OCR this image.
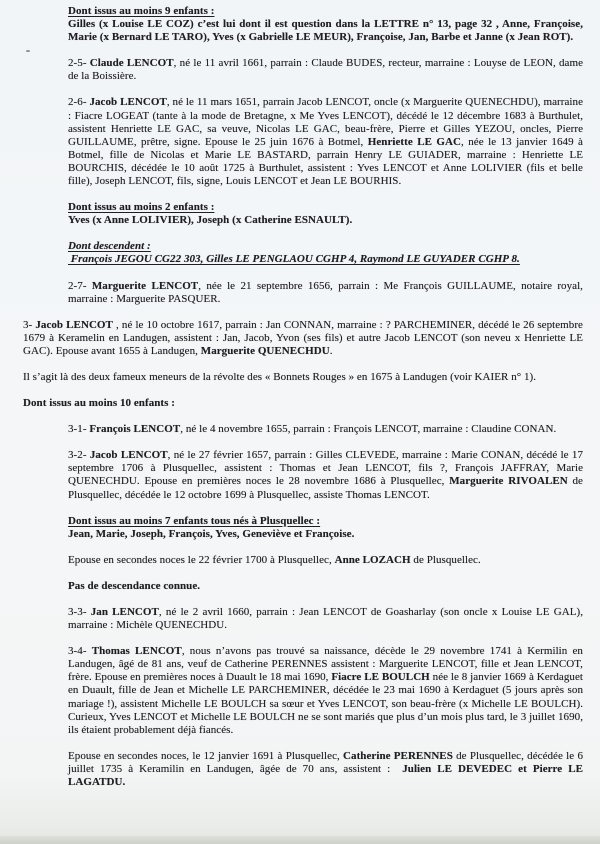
Dont issus au moins 9 enfants :

Gilles (x Louise LE COZ) c’est lui dont il est question dans la LETTRE n° 13, page 32 , Anne, Françoise, Marie (x Bernard LE TARO), Yves (x Gabrielle LE MEUR), Françoise, Jan, Barbe et Janne (x Jean ROT).

2-5- Claude LENCOT, né le 11 avril 1661, parrain : Claude BUDES, recteur, marraine : Louyse de LEON, dame de la Boissière.

2-6- Jacob LENCOT, né le 11 mars 1651, parrain Jacob LENCOT, oncle (x Marguerite QUENECHDU), marraine : Fiacre LOGEAT (tante à la mode de Bretagne, x Me Yves LENCOT), décédé le 12 décembre 1683 à Burthulet, assistent Henriette LE GAC, sa veuve, Nicolas LE GAC, beau-frère, Pierre et Gilles YEZOU, oncles, Pierre GUILLAUME, prêtre, signe. Epouse le 25 juin 1676 à Botmel, Henriette LE GAC, née le 13 janvier 1649 à Botmel, fille de Nicolas et Marie LE BASTARD, parrain Henry LE GUIADER, marraine : Henriette LE BOURCHIS, décédée le 10 août 1725 à Burthulet, assistent : Yves LENCOT et Anne LOLIVIER (fils et belle fille), Joseph LENCOT, fils, signe, Louis LENCOT et Jean LE BOURHIS.

Dont issus au moins 2 enfants :

Yves (x Anne LOLIVIER), Joseph (x Catherine ESNAULT).

Dont descendent :

François JEGOU CG22 303, Gilles LE PENGLAOU CGHP 4, Raymond LE GUYADER CGHP 8.

2-7- Marguerite LENCOT, née le 21 septembre 1656, parrain : Me François GUILLAUME, notaire royal, marraine : Marguerite PASQUER.

3- Jacob LENCOT , né le 10 octobre 1617, parrain : Jan CONNAN, marraine : ? PARCHEMINER, décédé le 26 septembre 1679 à Keramelin en Landugen, assistent : Jan, Jacob, Yvon (ses fils) et autre Jacob LENCOT (son neveu x Henriette LE GAC). Epouse avant 1655 à Landugen, Marguerite QUENECHDU.

Il s’agit là des deux fameux meneurs de la révolte des « Bonnets Rouges » en 1675 à Landugen (voir KAIER n° 1).

Dont issus au moins 10 enfants :

3-1- François LENCOT, né le 4 novembre 1655, parrain : François LENCOT, marraine : Claudine CONAN.

3-2- Jacob LENCOT, né le 27 février 1657, parrain : Gilles CLEVEDE, marraine : Marie CONAN, décédé le 17 septembre 1706 à Plusquellec, assistent : Thomas et Jean LENCOT, fils ?, François JAFFRAY, Marie QUENECHDU. Epouse en premières noces le 28 novembre 1686 à Plusquellec, Marguerite RIVOALEN de Plusquellec, décédée le 12 octobre 1699 à Plusquellec, assiste Thomas LENCOT.

Dont issus au moins 7 enfants tous nés à Plusquellec :

Jean, Marie, Joseph, François, Yves, Geneviève et Françoise.

Epouse en secondes noces le 22 février 1700 à Plusquellec, Anne LOZACH de Plusquellec.

Pas de descendance connue.

3-3- Jan LENCOT, né le 2 avril 1660, parrain : Jean LENCOT de Goasharlay (son oncle x Louise LE GAL), marraine : Michèle QUENECHDU.

3-4- Thomas LENCOT, nous n’avons pas trouvé sa naissance, décède le 29 novembre 1741 à Kermilin en Landugen, âgé de 81 ans, veuf de Catherine PERENNES assistent : Marguerite LENCOT, fille et Jean LENCOT, frère. Epouse en premières noces à Duault le 18 mai 1690, Fiacre LE BOULCH née le 8 janvier 1669 à Kerdaguet en Duault, fille de Jean et Michelle LE PARCHEMINER, décédée le 23 mai 1690 à Kerdaguet (5 jours après son mariage !), assistent Michelle LE BOULCH sa sœur et Yves LENCOT, son beau-frère (x Michelle LE BOULCH). Curieux, Yves LENCOT et Michelle LE BOULCH ne se sont mariés que plus d’un mois plus tard, le 3 juillet 1690, ils étaient probablement déjà fiancés.

Epouse en secondes noces, le 12 janvier 1691 à Plusquellec, Catherine PERENNES de Plusquellec, décédée le 6 juillet 1735 à Keramilin en Landugen, âgée de 70 ans, assistent :  Julien LE DEVEDEC et Pierre LE LAGATDU.
